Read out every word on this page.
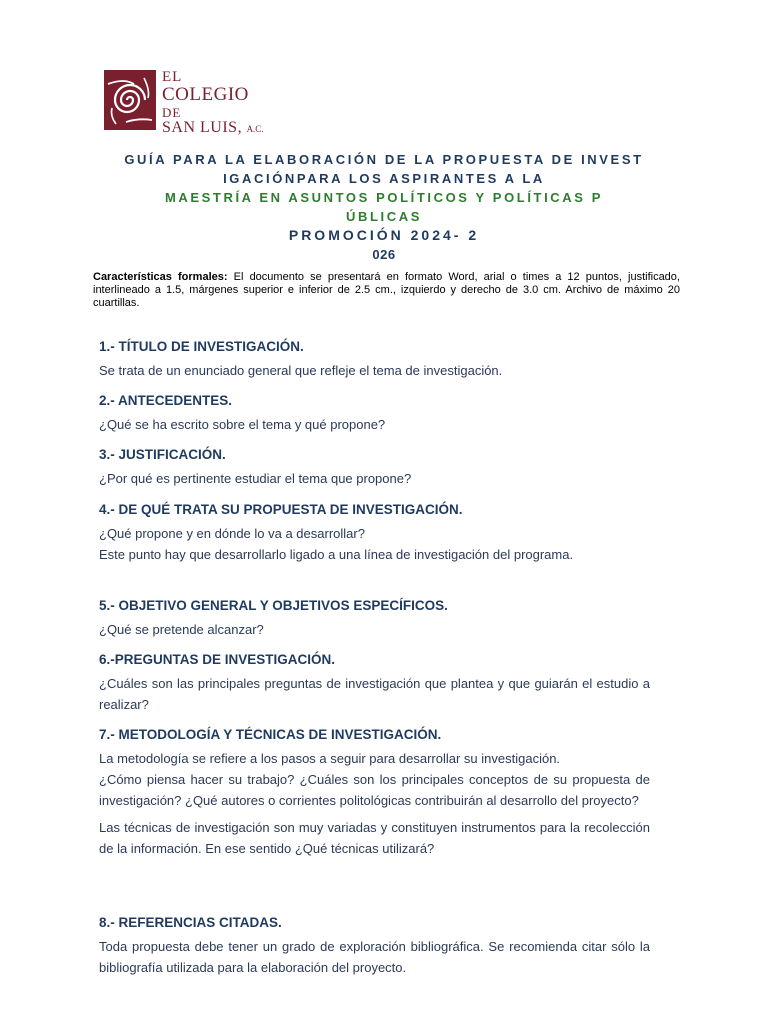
EL
COLEGIO
DE
SAN LUIS, A.C.
GUÍA PARA LA ELABORACIÓN DE LA PROPUESTA DE INVEST
IGACIÓNPARA LOS ASPIRANTES A LA
MAESTRÍA EN ASUNTOS POLÍTICOS Y POLÍTICAS P
ÚBLICAS
PROMOCIÓN 2024- 2
026
Características formales: El documento se presentará en formato Word, arial o times a 12 puntos, justificado, interlineado a 1.5, márgenes superior e inferior de 2.5 cm., izquierdo y derecho de 3.0 cm. Archivo de máximo 20 cuartillas.
1.- TÍTULO DE INVESTIGACIÓN.

Se trata de un enunciado general que refleje el tema de investigación.

2.- ANTECEDENTES.

¿Qué se ha escrito sobre el tema y qué propone?

3.- JUSTIFICACIÓN.

¿Por qué es pertinente estudiar el tema que propone?

4.- DE QUÉ TRATA SU PROPUESTA DE INVESTIGACIÓN.

¿Qué propone y en dónde lo va a desarrollar?

Este punto hay que desarrollarlo ligado a una línea de investigación del programa.

5.- OBJETIVO GENERAL Y OBJETIVOS ESPECÍFICOS.

¿Qué se pretende alcanzar?

6.-PREGUNTAS DE INVESTIGACIÓN.

¿Cuáles son las principales preguntas de investigación que plantea y que guiarán el estudio a realizar?

7.- METODOLOGÍA Y TÉCNICAS DE INVESTIGACIÓN.

La metodología se refiere a los pasos a seguir para desarrollar su investigación.

¿Cómo piensa hacer su trabajo? ¿Cuáles son los principales conceptos de su propuesta de investigación? ¿Qué autores o corrientes politológicas contribuirán al desarrollo del proyecto?

Las técnicas de investigación son muy variadas y constituyen instrumentos para la recolección de la información. En ese sentido ¿Qué técnicas utilizará?

8.- REFERENCIAS CITADAS.

Toda propuesta debe tener un grado de exploración bibliográfica. Se recomienda citar sólo la bibliografía utilizada para la elaboración del proyecto.
